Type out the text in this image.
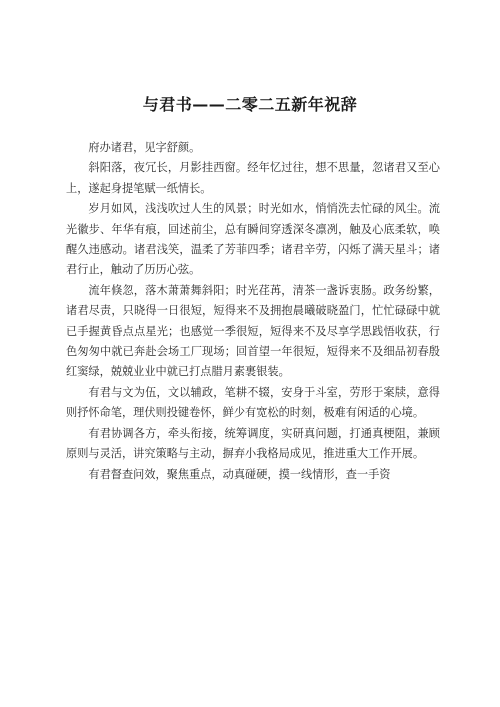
与君书——二零二五新年祝辞

府办诸君，见字舒颜。

斜阳落，夜冗长，月影挂西窗。经年忆过往，想不思量，忽诸君又至心上，遂起身提笔赋一纸情长。

岁月如风，浅浅吹过人生的风景；时光如水，悄悄洗去忙碌的风尘。流光徽步、年华有痕，回述前尘，总有瞬间穿透深冬凛冽，触及心底柔软，唤醒久违感动。诸君浅笑，温柔了芳菲四季；诸君辛劳，闪烁了满天星斗；诸君行止，触动了历历心弦。

流年倏忽，落木萧萧舞斜阳；时光荏苒，清茶一盏诉衷肠。政务纷繁，诸君尽责，只晓得一日很短，短得来不及拥抱晨曦破晓盈门，忙忙碌碌中就已手握黄昏点点星光；也感觉一季很短，短得来不及尽享学思践悟收获，行色匆匆中就已奔赴会场工厂现场；回首望一年很短，短得来不及细品初春殷红窦绿，兢兢业业中就已打点腊月素裹银装。

有君与文为伍，文以辅政，笔耕不辍，安身于斗室，劳形于案牍，意得则抒怀命笔，理伏则投键卷怀，鲜少有宽松的时刻，极难有闲适的心境。

有君协调各方，牵头衔接，统筹调度，实研真问题，打通真梗阻，兼顾原则与灵活，讲究策略与主动，摒弃小我格局成见，推进重大工作开展。

有君督查问效，聚焦重点，动真碰硬，摸一线情形，查一手资
